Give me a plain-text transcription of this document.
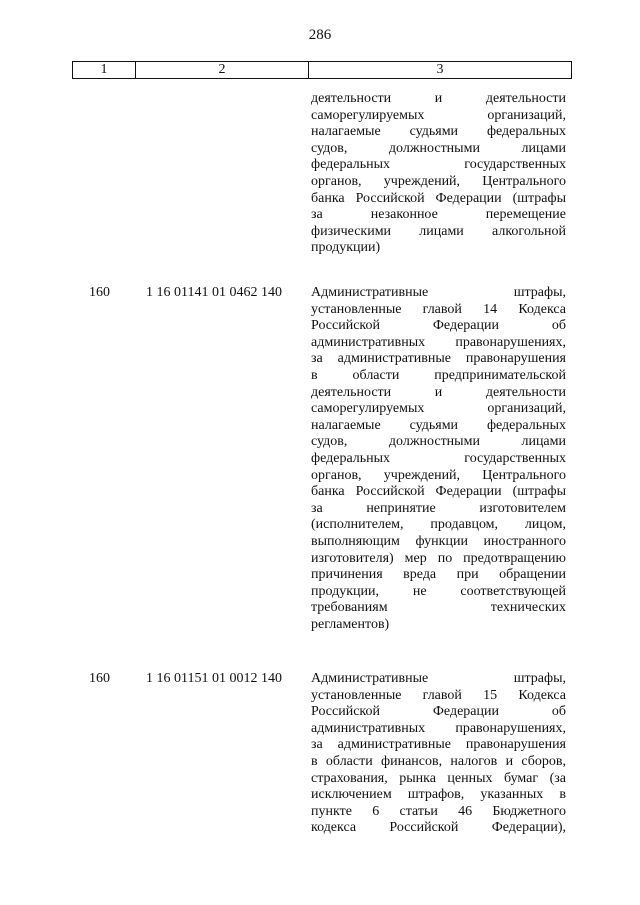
286
1	2	3
деятельности и деятельности
саморегулируемых организаций,
налагаемые судьями федеральных
судов, должностными лицами
федеральных государственных
органов, учреждений, Центрального
банка Российской Федерации (штрафы
за незаконное перемещение
физическими лицами алкогольной
продукции)
160	1 16 01141 01 0462 140	Административные штрафы,
установленные главой 14 Кодекса
Российской Федерации об
административных правонарушениях,
за административные правонарушения
в области предпринимательской
деятельности и деятельности
саморегулируемых организаций,
налагаемые судьями федеральных
судов, должностными лицами
федеральных государственных
органов, учреждений, Центрального
банка Российской Федерации (штрафы
за непринятие изготовителем
(исполнителем, продавцом, лицом,
выполняющим функции иностранного
изготовителя) мер по предотвращению
причинения вреда при обращении
продукции, не соответствующей
требованиям технических
регламентов)
160	1 16 01151 01 0012 140	Административные штрафы,
установленные главой 15 Кодекса
Российской Федерации об
административных правонарушениях,
за административные правонарушения
в области финансов, налогов и сборов,
страхования, рынка ценных бумаг (за
исключением штрафов, указанных в
пункте 6 статьи 46 Бюджетного
кодекса Российской Федерации),
